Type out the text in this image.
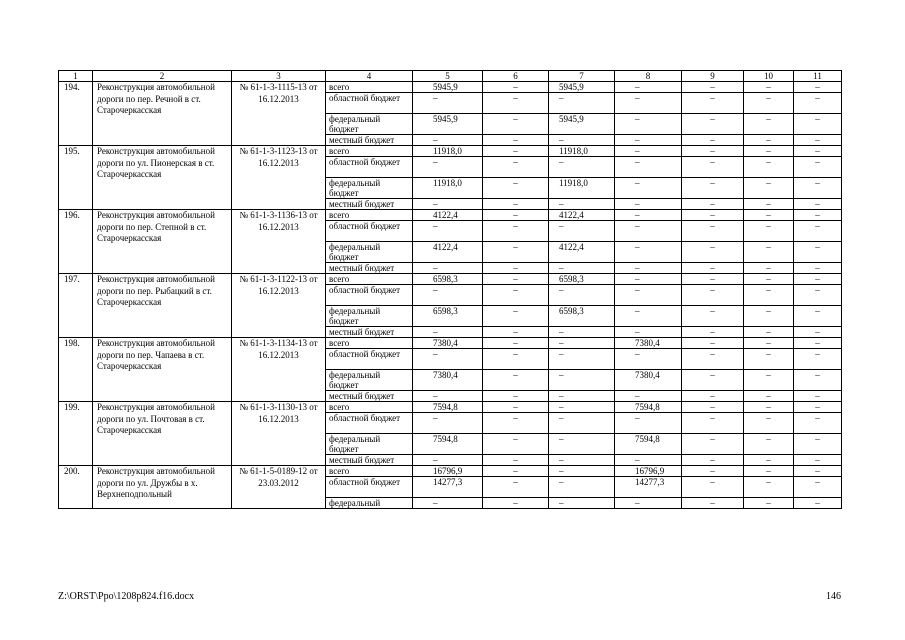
1	2	3	4	5	6	7	8	9	10	11
194.	Реконструкция автомобильной дороги по пер. Речной в ст. Старочеркасская	№ 61-1-3-1115-13 от 16.12.2013	всего	5945,9	–	5945,9	–	–	–	–
			областной бюджет	–	–	–	–	–	–	–
			федеральный бюджет	5945,9	–	5945,9	–	–	–	–
			местный бюджет	–	–	–	–	–	–	–
195.	Реконструкция автомобильной дороги по ул. Пионерская в ст. Старочеркасская	№ 61-1-3-1123-13 от 16.12.2013	всего	11918,0	–	11918,0	–	–	–	–
			областной бюджет	–	–	–	–	–	–	–
			федеральный бюджет	11918,0	–	11918,0	–	–	–	–
			местный бюджет	–	–	–	–	–	–	–
196.	Реконструкция автомобильной дороги по пер. Степной в ст. Старочеркасская	№ 61-1-3-1136-13 от 16.12.2013	всего	4122,4	–	4122,4	–	–	–	–
			областной бюджет	–	–	–	–	–	–	–
			федеральный бюджет	4122,4	–	4122,4	–	–	–	–
			местный бюджет	–	–	–	–	–	–	–
197.	Реконструкция автомобильной дороги по пер. Рыбацкий в ст. Старочеркасская	№ 61-1-3-1122-13 от 16.12.2013	всего	6598,3	–	6598,3	–	–	–	–
			областной бюджет	–	–	–	–	–	–	–
			федеральный бюджет	6598,3	–	6598,3	–	–	–	–
			местный бюджет	–	–	–	–	–	–	–
198.	Реконструкция автомобильной дороги по пер. Чапаева в ст. Старочеркасская	№ 61-1-3-1134-13 от 16.12.2013	всего	7380,4	–	–	7380,4	–	–	–
			областной бюджет	–	–	–	–	–	–	–
			федеральный бюджет	7380,4	–	–	7380,4	–	–	–
			местный бюджет	–	–	–	–	–	–	–
199.	Реконструкция автомобильной дороги по ул. Почтовая в ст. Старочеркасская	№ 61-1-3-1130-13 от 16.12.2013	всего	7594,8	–	–	7594,8	–	–	–
			областной бюджет	–	–	–	–	–	–	–
			федеральный бюджет	7594,8	–	–	7594,8	–	–	–
			местный бюджет	–	–	–	–	–	–	–
200.	Реконструкция автомобильной дороги по ул. Дружбы в х. Верхнеподпольный	№ 61-1-5-0189-12 от 23.03.2012	всего	16796,9	–	–	16796,9	–	–	–
			областной бюджет	14277,3	–	–	14277,3	–	–	–
			федеральный	–	–	–	–	–	–	–
Z:\ORST\Ppo\1208p824.f16.docx	146
